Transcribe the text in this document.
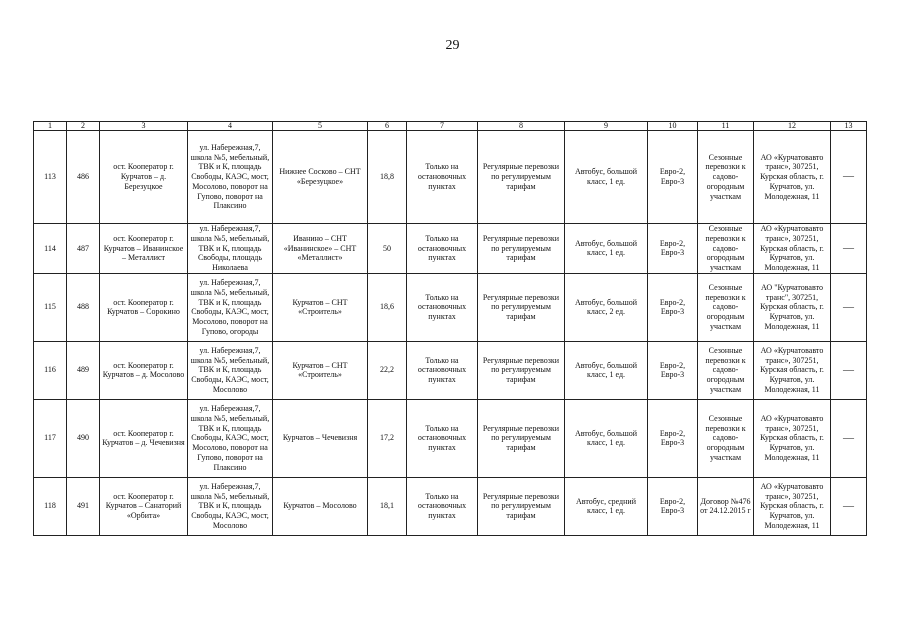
29
1	2	3	4	5	6	7	8	9	10	11	12	13
113	486	ост. Кооператор г. Курчатов – д. Березуцкое	ул. Набережная,7, школа №5, мебельный, ТВК и К, площадь Свободы, КАЭС, мост, Мосолово, поворот на Гупово, поворот на Плаксино	Нижнее Сосково – СНТ «Березуцкое»	18,8	Только на остановочных пунктах	Регулярные перевозки по регулируемым тарифам	Автобус, большой класс, 1 ед.	Евро-2, Евро-3	Сезонные перевозки к садово-огородным участкам	АО «Курчатовавто транс», 307251, Курская область, г. Курчатов, ул. Молодежная, 11	—
114	487	ост. Кооператор г. Курчатов – Иванинское – Металлист	ул. Набережная,7, школа №5, мебельный, ТВК и К, площадь Свободы, площадь Николаева	Иванино – СНТ «Иванинское» – СНТ «Металлист»	50	Только на остановочных пунктах	Регулярные перевозки по регулируемым тарифам	Автобус, большой класс, 1 ед.	Евро-2, Евро-3	Сезонные перевозки к садово-огородным участкам	АО «Курчатовавто транс», 307251, Курская область, г. Курчатов, ул. Молодежная, 11	—
115	488	ост. Кооператор г. Курчатов – Сорокино	ул. Набережная,7, школа №5, мебельный, ТВК и К, площадь Свободы, КАЭС, мост, Мосолово, поворот на Гупово, огороды	Курчатов – СНТ «Строитель»	18,6	Только на остановочных пунктах	Регулярные перевозки по регулируемым тарифам	Автобус, большой класс, 2 ед.	Евро-2, Евро-3	Сезонные перевозки к садово-огородным участкам	АО "Курчатовавто транс", 307251, Курская область, г. Курчатов, ул. Молодежная, 11	—
116	489	ост. Кооператор г. Курчатов – д. Мосолово	ул. Набережная,7, школа №5, мебельный, ТВК и К, площадь Свободы, КАЭС, мост, Мосолово	Курчатов – СНТ «Строитель»	22,2	Только на остановочных пунктах	Регулярные перевозки по регулируемым тарифам	Автобус, большой класс, 1 ед.	Евро-2, Евро-3	Сезонные перевозки к садово-огородным участкам	АО «Курчатовавто транс», 307251, Курская область, г. Курчатов, ул. Молодежная, 11	—
117	490	ост. Кооператор г. Курчатов – д. Чечевизня	ул. Набережная,7, школа №5, мебельный, ТВК и К, площадь Свободы, КАЭС, мост, Мосолово, поворот на Гупово, поворот на Плаксино	Курчатов – Чечевизня	17,2	Только на остановочных пунктах	Регулярные перевозки по регулируемым тарифам	Автобус, большой класс, 1 ед.	Евро-2, Евро-3	Сезонные перевозки к садово-огородным участкам	АО «Курчатовавто транс», 307251, Курская область, г. Курчатов, ул. Молодежная, 11	—
118	491	ост. Кооператор г. Курчатов – Санаторий «Орбита»	ул. Набережная,7, школа №5, мебельный, ТВК и К, площадь Свободы, КАЭС, мост, Мосолово	Курчатов – Мосолово	18,1	Только на остановочных пунктах	Регулярные перевозки по регулируемым тарифам	Автобус, средний класс, 1 ед.	Евро-2, Евро-3	Договор №476 от 24.12.2015 г	АО «Курчатовавто транс», 307251, Курская область, г. Курчатов, ул. Молодежная, 11	—
